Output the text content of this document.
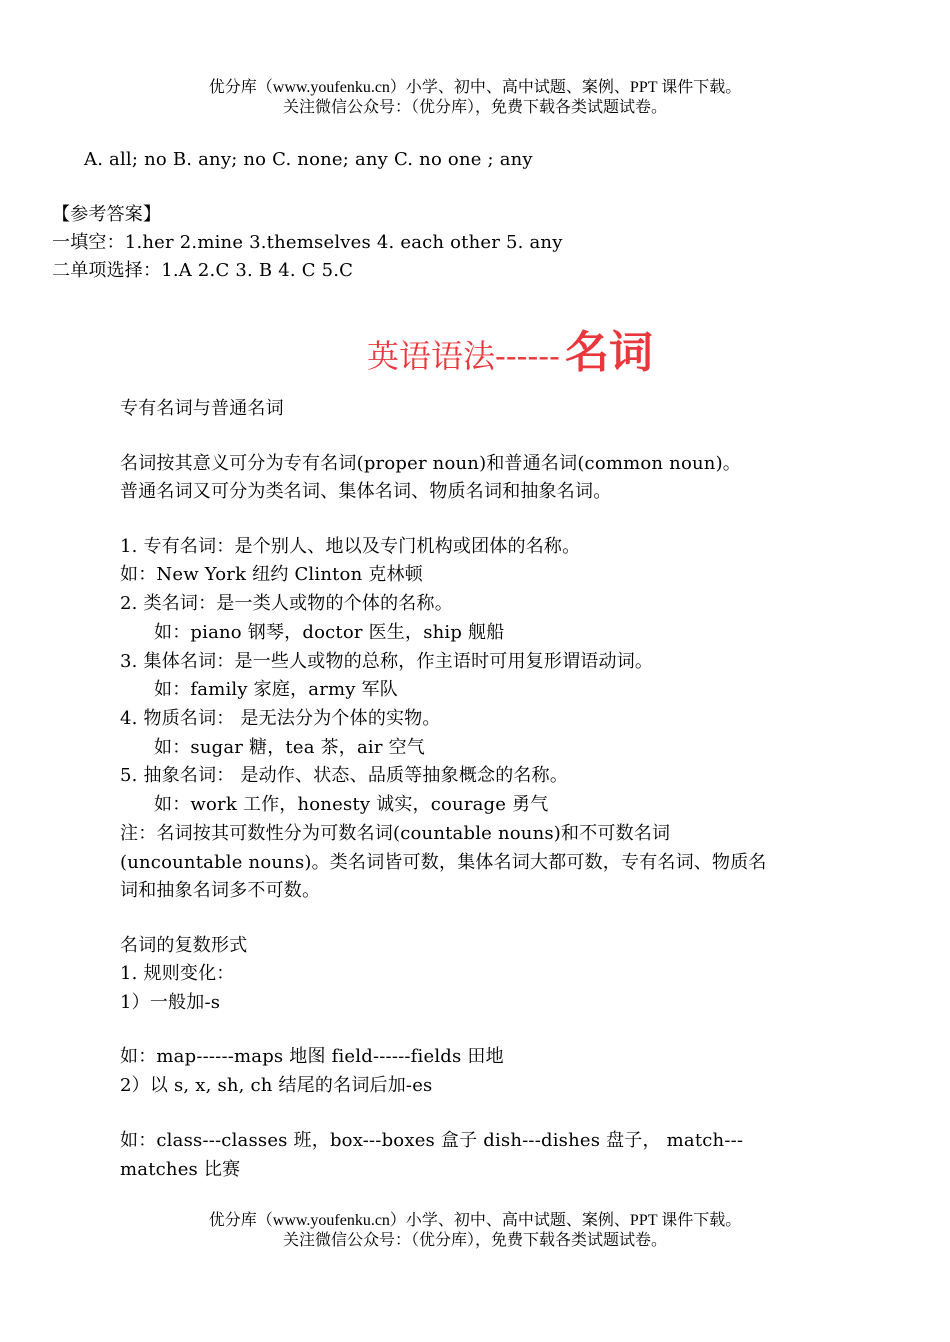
优分库（www.youfenku.cn）小学、初中、高中试题、案例、PPT 课件下载。
关注微信公众号：（优分库），免费下载各类试题试卷。
A. all; no B. any; no C. none; any C. no one ; any
【参考答案】
一填空：1.her 2.mine 3.themselves 4. each other 5. any
二单项选择：1.A 2.C 3. B 4. C 5.C
英语语法------ 名词
专有名词与普通名词
名词按其意义可分为专有名词(proper noun)和普通名词(common noun)。
普通名词又可分为类名词、集体名词、物质名词和抽象名词。
1. 专有名词：是个别人、地以及专门机构或团体的名称。
如：New York 纽约 Clinton 克林顿
2. 类名词：是一类人或物的个体的名称。
如：piano 钢琴，doctor 医生，ship 舰船
3. 集体名词：是一些人或物的总称，作主语时可用复形谓语动词。
如：family 家庭，army 军队
4. 物质名词： 是无法分为个体的实物。
如：sugar 糖，tea 茶，air 空气
5. 抽象名词： 是动作、状态、品质等抽象概念的名称。
如：work 工作，honesty 诚实，courage 勇气
注：名词按其可数性分为可数名词(countable nouns)和不可数名词
(uncountable nouns)。类名词皆可数，集体名词大都可数，专有名词、物质名
词和抽象名词多不可数。
名词的复数形式
1. 规则变化：
1）一般加-s
如：map------maps 地图 field------fields 田地
2）以 s, x, sh, ch 结尾的名词后加-es
如：class---classes 班，box---boxes 盒子 dish---dishes 盘子， match---
matches 比赛
优分库（www.youfenku.cn）小学、初中、高中试题、案例、PPT 课件下载。
关注微信公众号：（优分库），免费下载各类试题试卷。
